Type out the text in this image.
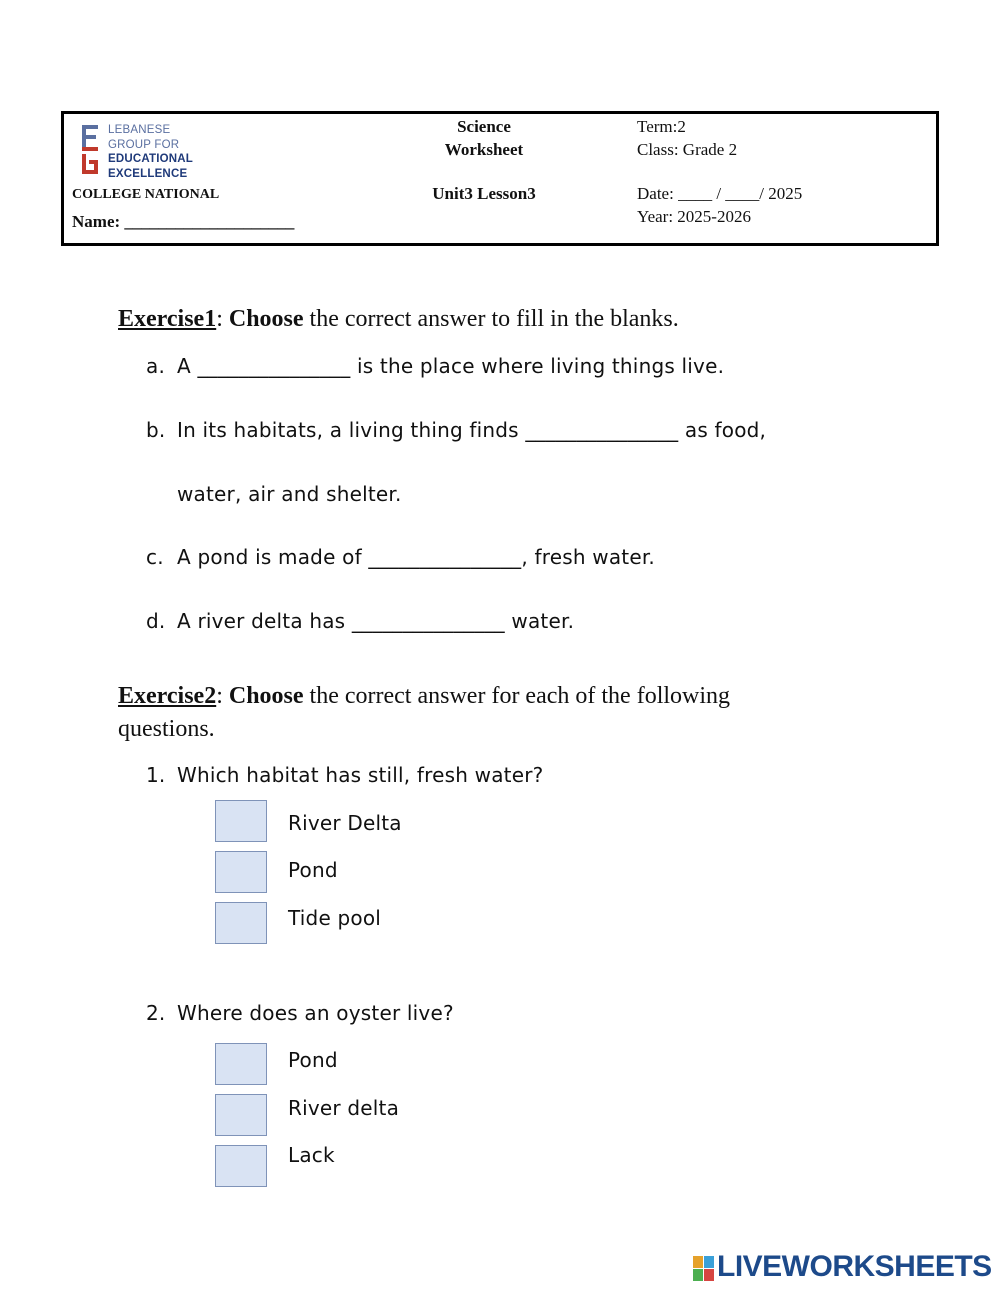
LEBANESE
GROUP FOR
EDUCATIONAL
EXCELLENCE
COLLEGE NATIONAL
Name: ____________________
Science
Worksheet
Unit3 Lesson3
Term:2
Class: Grade 2
Date: ____ / ____/ 2025
Year: 2025-2026
Exercise1: Choose the correct answer to fill in the blanks.
a. A _______________ is the place where living things live.
b. In its habitats, a living thing finds _______________ as food,
water, air and shelter.
c. A pond is made of _______________, fresh water.
d. A river delta has _______________ water.
Exercise2: Choose the correct answer for each of the following
questions.
1. Which habitat has still, fresh water?
River Delta
Pond
Tide pool
2. Where does an oyster live?
Pond
River delta
Lack
LIVEWORKSHEETS
